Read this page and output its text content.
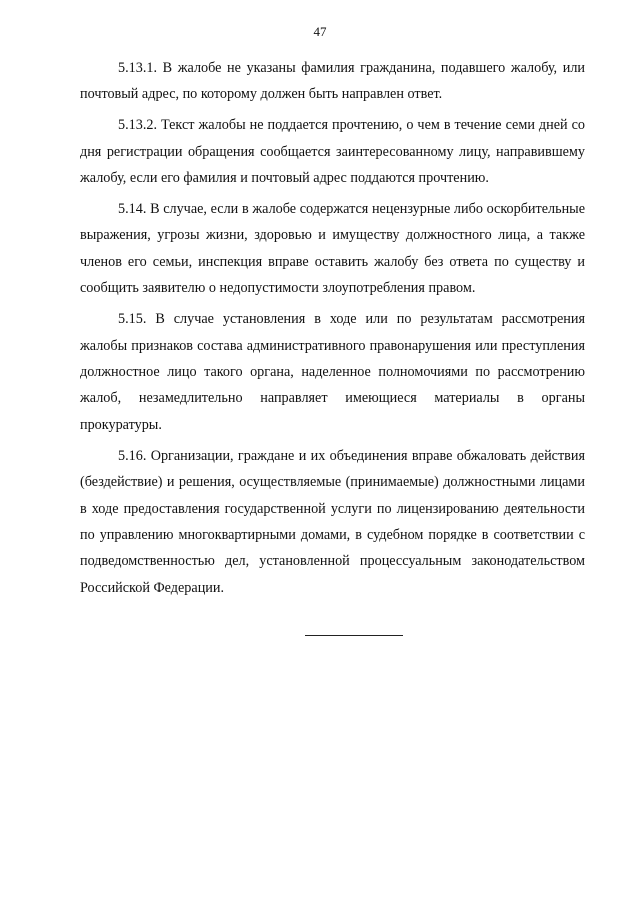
47

5.13.1. В жалобе не указаны фамилия гражданина, подавшего жалобу, или почтовый адрес, по которому должен быть направлен ответ.

5.13.2. Текст жалобы не поддается прочтению, о чем в течение семи дней со дня регистрации обращения сообщается заинтересованному лицу, направившему жалобу, если его фамилия и почтовый адрес поддаются прочтению.

5.14. В случае, если в жалобе содержатся нецензурные либо оскорбительные выражения, угрозы жизни, здоровью и имуществу должностного лица, а также членов его семьи, инспекция вправе оставить жалобу без ответа по существу и сообщить заявителю о недопустимости злоупотребления правом.

5.15. В случае установления в ходе или по результатам рассмотрения жалобы признаков состава административного правонарушения или преступления должностное лицо такого органа, наделенное полномочиями по рассмотрению жалоб, незамедлительно направляет имеющиеся материалы в органы прокуратуры.

5.16. Организации, граждане и их объединения вправе обжаловать действия (бездействие) и решения, осуществляемые (принимаемые) должностными лицами в ходе предоставления государственной услуги по лицензированию деятельности по управлению многоквартирными домами, в судебном порядке в соответствии с подведомственностью дел, установленной процессуальным законодательством Российской Федерации.
